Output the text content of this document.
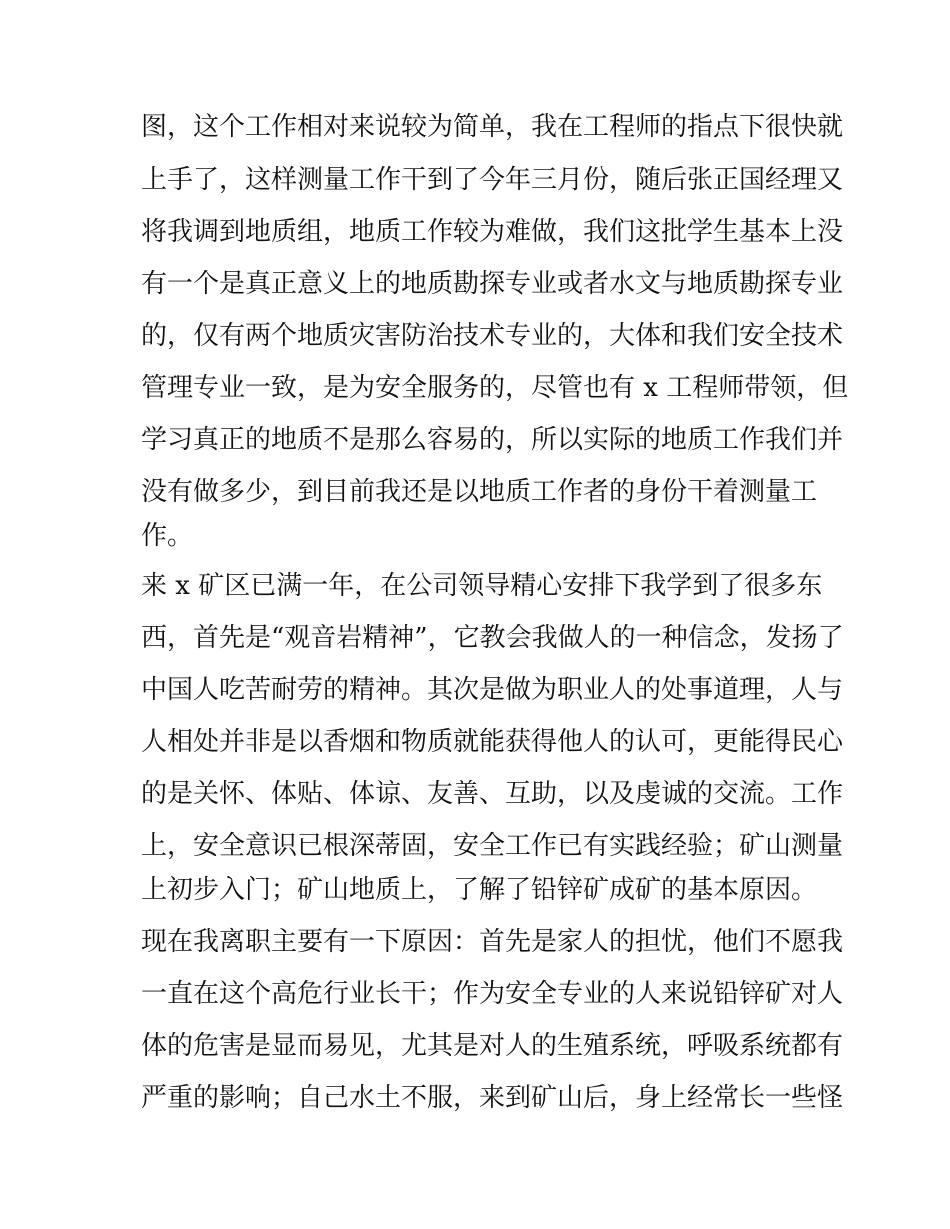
图，这个工作相对来说较为简单，我在工程师的指点下很快就
上手了，这样测量工作干到了今年三月份，随后张正国经理又
将我调到地质组，地质工作较为难做，我们这批学生基本上没
有一个是真正意义上的地质勘探专业或者水文与地质勘探专业
的，仅有两个地质灾害防治技术专业的，大体和我们安全技术
管理专业一致，是为安全服务的，尽管也有 x 工程师带领，但
学习真正的地质不是那么容易的，所以实际的地质工作我们并
没有做多少，到目前我还是以地质工作者的身份干着测量工
作。
来 x 矿区已满一年，在公司领导精心安排下我学到了很多东
西，首先是“观音岩精神”，它教会我做人的一种信念，发扬了
中国人吃苦耐劳的精神。其次是做为职业人的处事道理，人与
人相处并非是以香烟和物质就能获得他人的认可，更能得民心
的是关怀、体贴、体谅、友善、互助，以及虔诚的交流。工作
上，安全意识已根深蒂固，安全工作已有实践经验；矿山测量
上初步入门；矿山地质上，了解了铅锌矿成矿的基本原因。
现在我离职主要有一下原因：首先是家人的担忧，他们不愿我
一直在这个高危行业长干；作为安全专业的人来说铅锌矿对人
体的危害是显而易见，尤其是对人的生殖系统，呼吸系统都有
严重的影响；自己水土不服，来到矿山后，身上经常长一些怪
